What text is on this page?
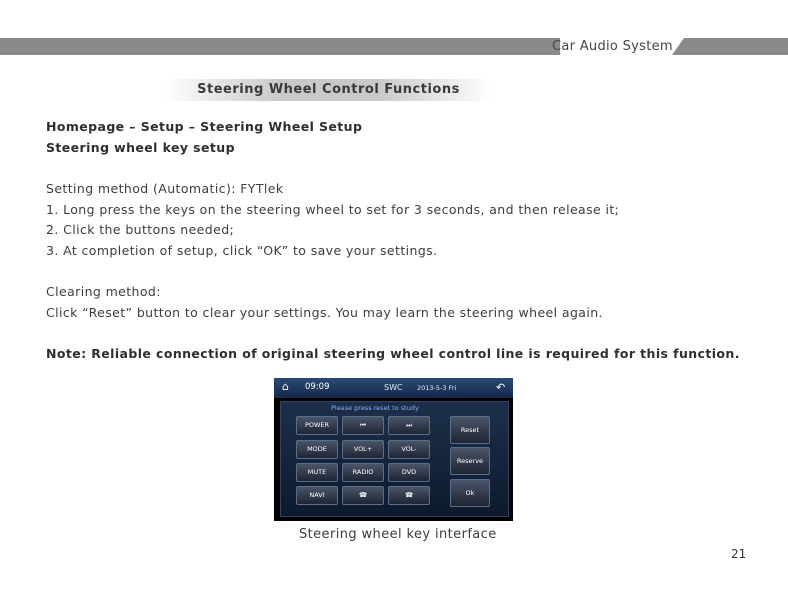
Car Audio System
Steering Wheel Control Functions
Homepage – Setup – Steering Wheel Setup
Steering wheel key setup
Setting method (Automatic): FYTlek
1. Long press the keys on the steering wheel to set for 3 seconds, and then release it;
2. Click the buttons needed;
3. At completion of setup, click “OK” to save your settings.
Clearing method:
Click “Reset” button to clear your settings. You may learn the steering wheel again.
Note: Reliable connection of original steering wheel control line is required for this function.
⌂	09:09	SWC 2013-5-3 Fri	↶
Please press reset to study
POWER	⏮	⏭
MODE	VOL+	VOL-
MUTE	RADIO	DVD
NAVI	☎	☎
Reset
Reserve
Ok
Steering wheel key interface
21
